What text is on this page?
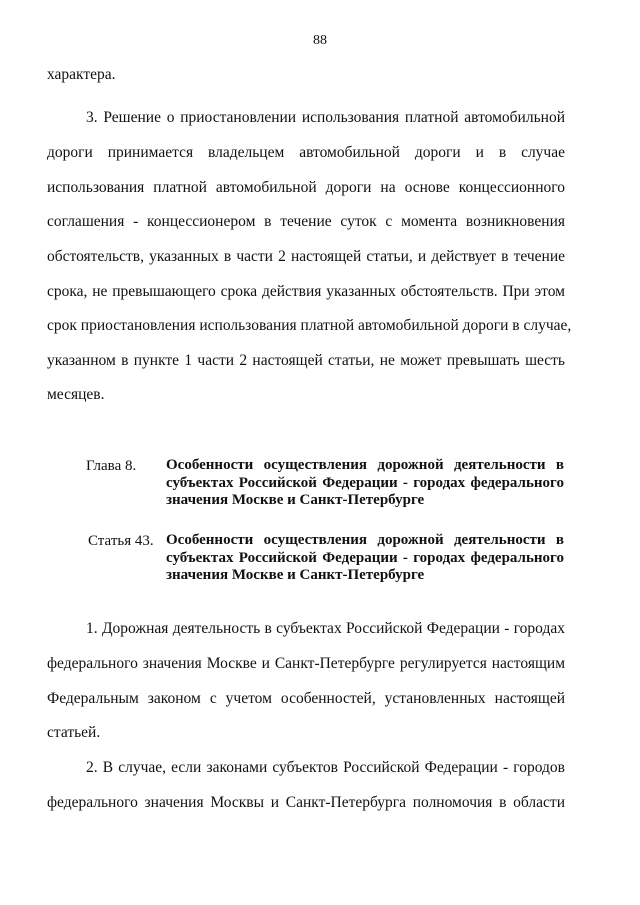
88
характера.
3. Решение о приостановлении использования платной автомобильной
дороги принимается владельцем автомобильной дороги и в случае
использования платной автомобильной дороги на основе концессионного
соглашения - концессионером в течение суток с момента возникновения
обстоятельств, указанных в части 2 настоящей статьи, и действует в течение
срока, не превышающего срока действия указанных обстоятельств. При этом
срок приостановления использования платной автомобильной дороги в случае,
указанном в пункте 1 части 2 настоящей статьи, не может превышать шесть
месяцев.
Глава 8. Особенности осуществления дорожной деятельности в
субъектах Российской Федерации - городах федерального
значения Москве и Санкт-Петербурге
Статья 43. Особенности осуществления дорожной деятельности в
субъектах Российской Федерации - городах федерального
значения Москве и Санкт-Петербурге
1. Дорожная деятельность в субъектах Российской Федерации - городах
федерального значения Москве и Санкт-Петербурге регулируется настоящим
Федеральным законом с учетом особенностей, установленных настоящей
статьей.
2. В случае, если законами субъектов Российской Федерации - городов
федерального значения Москвы и Санкт-Петербурга полномочия в области
